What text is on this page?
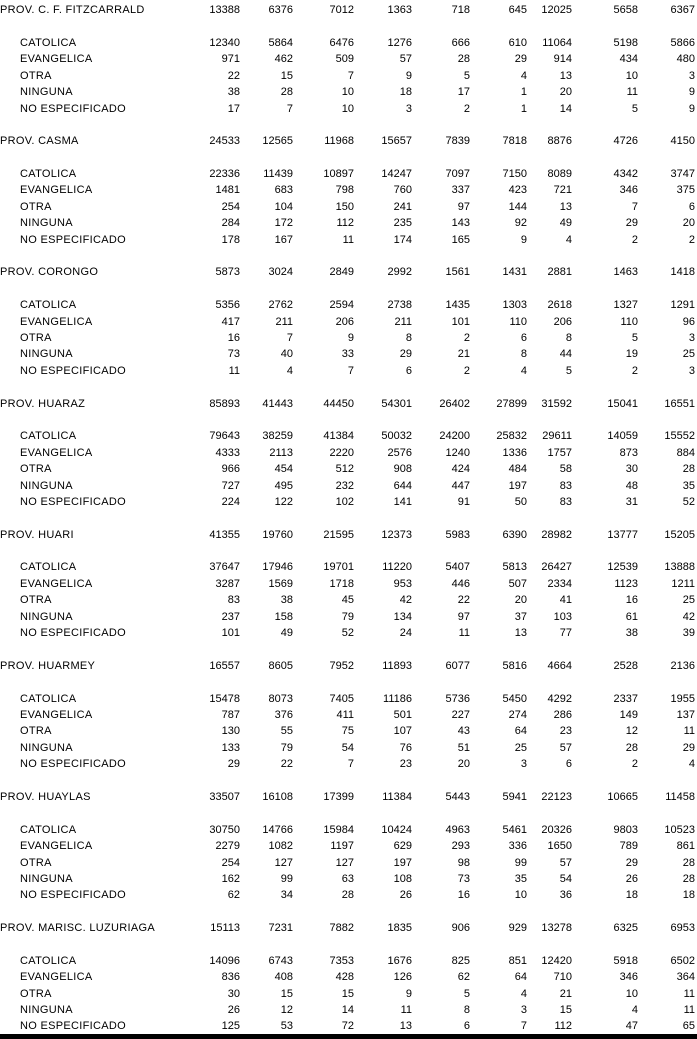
PROV. C. F. FITZCARRALD	13388	6376	7012	1363	718	645	12025	5658	6367

CATOLICA	12340	5864	6476	1276	666	610	11064	5198	5866
EVANGELICA	971	462	509	57	28	29	914	434	480
OTRA	22	15	7	9	5	4	13	10	3
NINGUNA	38	28	10	18	17	1	20	11	9
NO ESPECIFICADO	17	7	10	3	2	1	14	5	9

PROV. CASMA	24533	12565	11968	15657	7839	7818	8876	4726	4150

CATOLICA	22336	11439	10897	14247	7097	7150	8089	4342	3747
EVANGELICA	1481	683	798	760	337	423	721	346	375
OTRA	254	104	150	241	97	144	13	7	6
NINGUNA	284	172	112	235	143	92	49	29	20
NO ESPECIFICADO	178	167	11	174	165	9	4	2	2

PROV. CORONGO	5873	3024	2849	2992	1561	1431	2881	1463	1418

CATOLICA	5356	2762	2594	2738	1435	1303	2618	1327	1291
EVANGELICA	417	211	206	211	101	110	206	110	96
OTRA	16	7	9	8	2	6	8	5	3
NINGUNA	73	40	33	29	21	8	44	19	25
NO ESPECIFICADO	11	4	7	6	2	4	5	2	3

PROV. HUARAZ	85893	41443	44450	54301	26402	27899	31592	15041	16551

CATOLICA	79643	38259	41384	50032	24200	25832	29611	14059	15552
EVANGELICA	4333	2113	2220	2576	1240	1336	1757	873	884
OTRA	966	454	512	908	424	484	58	30	28
NINGUNA	727	495	232	644	447	197	83	48	35
NO ESPECIFICADO	224	122	102	141	91	50	83	31	52

PROV. HUARI	41355	19760	21595	12373	5983	6390	28982	13777	15205

CATOLICA	37647	17946	19701	11220	5407	5813	26427	12539	13888
EVANGELICA	3287	1569	1718	953	446	507	2334	1123	1211
OTRA	83	38	45	42	22	20	41	16	25
NINGUNA	237	158	79	134	97	37	103	61	42
NO ESPECIFICADO	101	49	52	24	11	13	77	38	39

PROV. HUARMEY	16557	8605	7952	11893	6077	5816	4664	2528	2136

CATOLICA	15478	8073	7405	11186	5736	5450	4292	2337	1955
EVANGELICA	787	376	411	501	227	274	286	149	137
OTRA	130	55	75	107	43	64	23	12	11
NINGUNA	133	79	54	76	51	25	57	28	29
NO ESPECIFICADO	29	22	7	23	20	3	6	2	4

PROV. HUAYLAS	33507	16108	17399	11384	5443	5941	22123	10665	11458

CATOLICA	30750	14766	15984	10424	4963	5461	20326	9803	10523
EVANGELICA	2279	1082	1197	629	293	336	1650	789	861
OTRA	254	127	127	197	98	99	57	29	28
NINGUNA	162	99	63	108	73	35	54	26	28
NO ESPECIFICADO	62	34	28	26	16	10	36	18	18

PROV. MARISC. LUZURIAGA	15113	7231	7882	1835	906	929	13278	6325	6953

CATOLICA	14096	6743	7353	1676	825	851	12420	5918	6502
EVANGELICA	836	408	428	126	62	64	710	346	364
OTRA	30	15	15	9	5	4	21	10	11
NINGUNA	26	12	14	11	8	3	15	4	11
NO ESPECIFICADO	125	53	72	13	6	7	112	47	65
